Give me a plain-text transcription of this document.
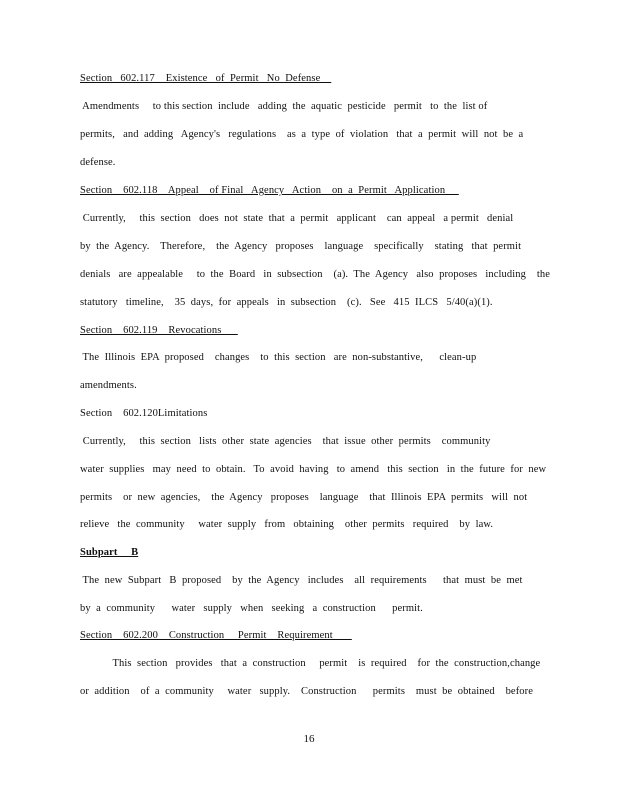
Section   602.117    Existence   of  Permit   No  Defense
Amendments     to this section  include   adding  the  aquatic  pesticide   permit   to  the  list of
permits,   and  adding   Agency's   regulations    as  a  type  of  violation   that  a  permit  will  not  be  a
defense.
Section    602.118    Appeal    of Final   Agency   Action    on  a  Permit   Application
Currently,     this  section   does  not  state  that  a  permit   applicant    can  appeal   a permit   denial
by  the  Agency.    Therefore,    the  Agency   proposes    language    specifically    stating   that  permit
denials   are  appealable     to  the  Board   in  subsection    (a).  The  Agency   also  proposes   including    the
statutory   timeline,    35  days,  for  appeals   in  subsection    (c).   See   415  ILCS   5/40(a)(1).
Section    602.119    Revocations
The  Illinois  EPA  proposed    changes    to  this  section   are  non-substantive,      clean-up
amendments.
Section    602.120Limitations
Currently,     this  section   lists  other  state  agencies    that  issue  other  permits    community
water  supplies   may  need  to  obtain.   To  avoid  having   to  amend   this  section   in  the  future  for  new
permits    or  new  agencies,    the  Agency   proposes    language    that  Illinois  EPA  permits   will  not
relieve   the  community     water  supply   from   obtaining    other  permits   required    by  law.
Subpart     B
The  new  Subpart   B  proposed    by  the  Agency   includes    all  requirements      that  must  be  met
by  a  community      water   supply   when   seeking   a  construction      permit.
Section    602.200    Construction     Permit    Requirement
This  section   provides   that  a  construction     permit    is  required    for  the  construction,change
or  addition    of  a  community     water   supply.    Construction      permits    must  be  obtained    before
16
